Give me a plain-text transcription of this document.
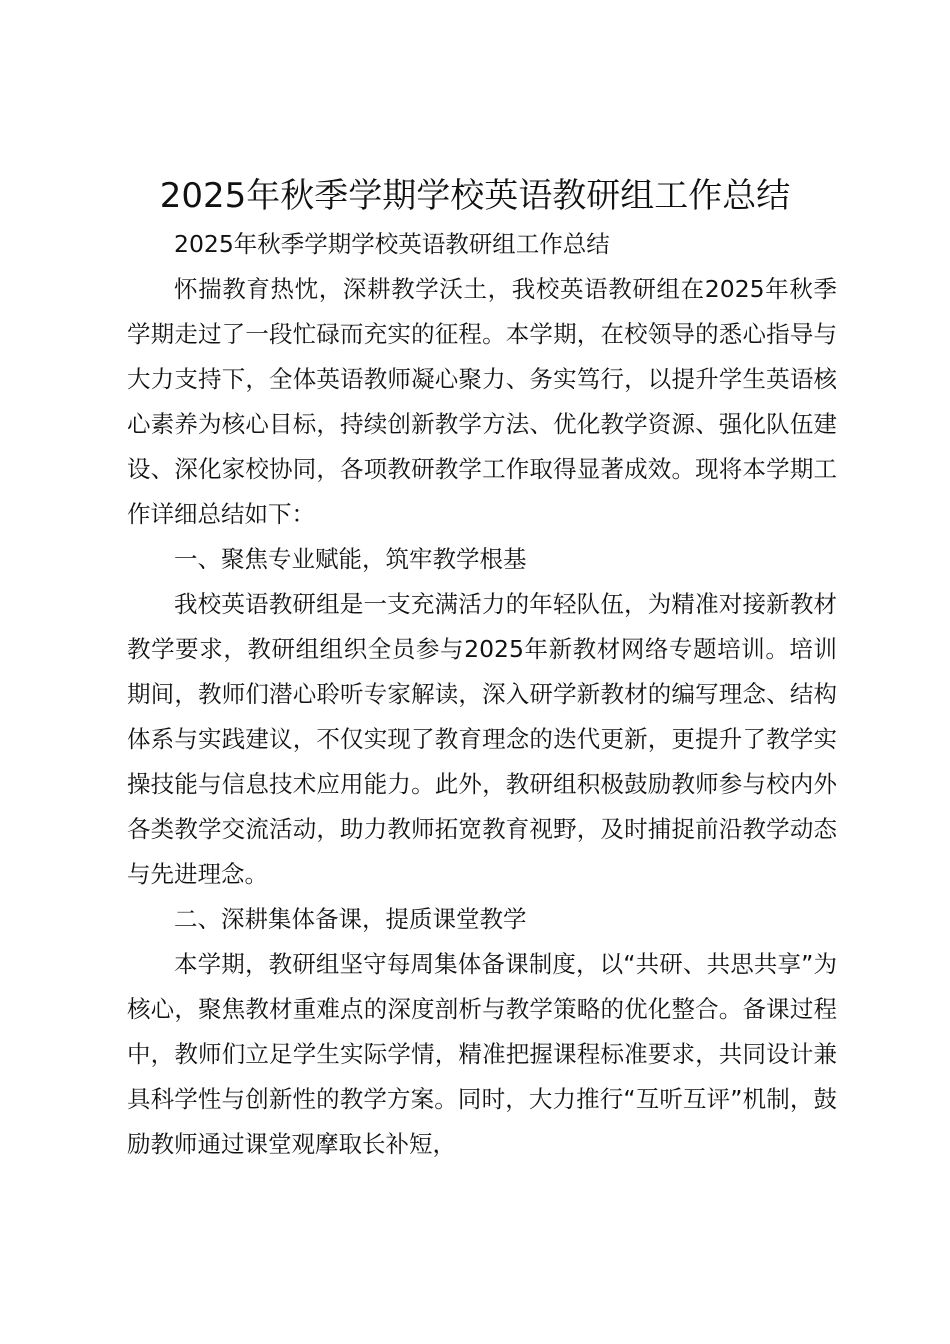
2025年秋季学期学校英语教研组工作总结

2025年秋季学期学校英语教研组工作总结

怀揣教育热忱，深耕教学沃土，我校英语教研组在2025年秋季学期走过了一段忙碌而充实的征程。本学期，在校领导的悉心指导与大力支持下，全体英语教师凝心聚力、务实笃行，以提升学生英语核心素养为核心目标，持续创新教学方法、优化教学资源、强化队伍建设、深化家校协同，各项教研教学工作取得显著成效。现将本学期工作详细总结如下：

一、聚焦专业赋能，筑牢教学根基

我校英语教研组是一支充满活力的年轻队伍，为精准对接新教材教学要求，教研组组织全员参与2025年新教材网络专题培训。培训期间，教师们潜心聆听专家解读，深入研学新教材的编写理念、结构体系与实践建议，不仅实现了教育理念的迭代更新，更提升了教学实操技能与信息技术应用能力。此外，教研组积极鼓励教师参与校内外各类教学交流活动，助力教师拓宽教育视野，及时捕捉前沿教学动态与先进理念。

二、深耕集体备课，提质课堂教学

本学期，教研组坚守每周集体备课制度，以“共研、共思共享”为核心，聚焦教材重难点的深度剖析与教学策略的优化整合。备课过程中，教师们立足学生实际学情，精准把握课程标准要求，共同设计兼具科学性与创新性的教学方案。同时，大力推行“互听互评”机制，鼓励教师通过课堂观摩取长补短，
